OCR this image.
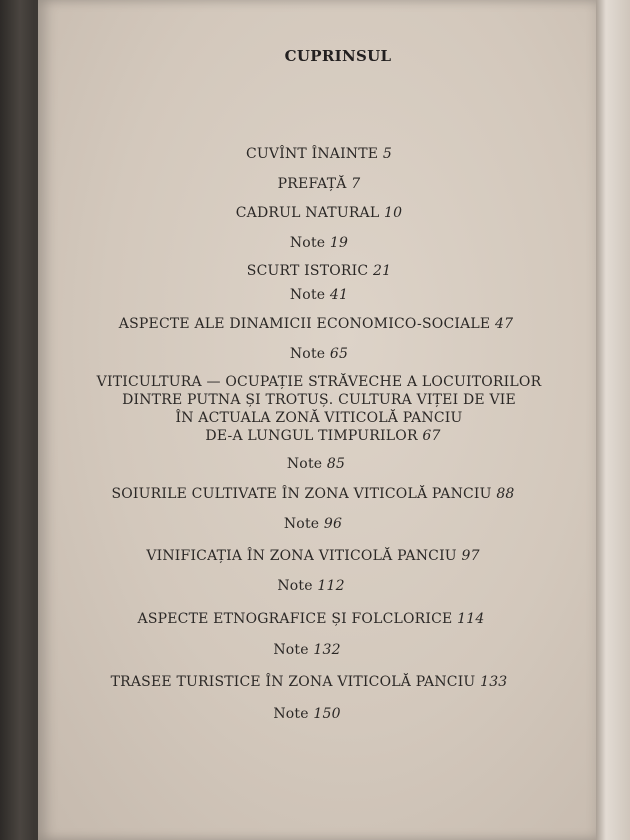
CUPRINSUL
CUVÎNT ÎNAINTE 5
PREFAȚĂ 7
CADRUL NATURAL 10
Note 19
SCURT ISTORIC 21
Note 41
ASPECTE ALE DINAMICII ECONOMICO-SOCIALE 47
Note 65
VITICULTURA — OCUPAȚIE STRĂVECHE A LOCUITORILOR
DINTRE PUTNA ȘI TROTUȘ. CULTURA VIȚEI DE VIE
ÎN ACTUALA ZONĂ VITICOLĂ PANCIU
DE-A LUNGUL TIMPURILOR 67
Note 85
SOIURILE CULTIVATE ÎN ZONA VITICOLĂ PANCIU 88
Note 96
VINIFICAȚIA ÎN ZONA VITICOLĂ PANCIU 97
Note 112
ASPECTE ETNOGRAFICE ȘI FOLCLORICE 114
Note 132
TRASEE TURISTICE ÎN ZONA VITICOLĂ PANCIU 133
Note 150
